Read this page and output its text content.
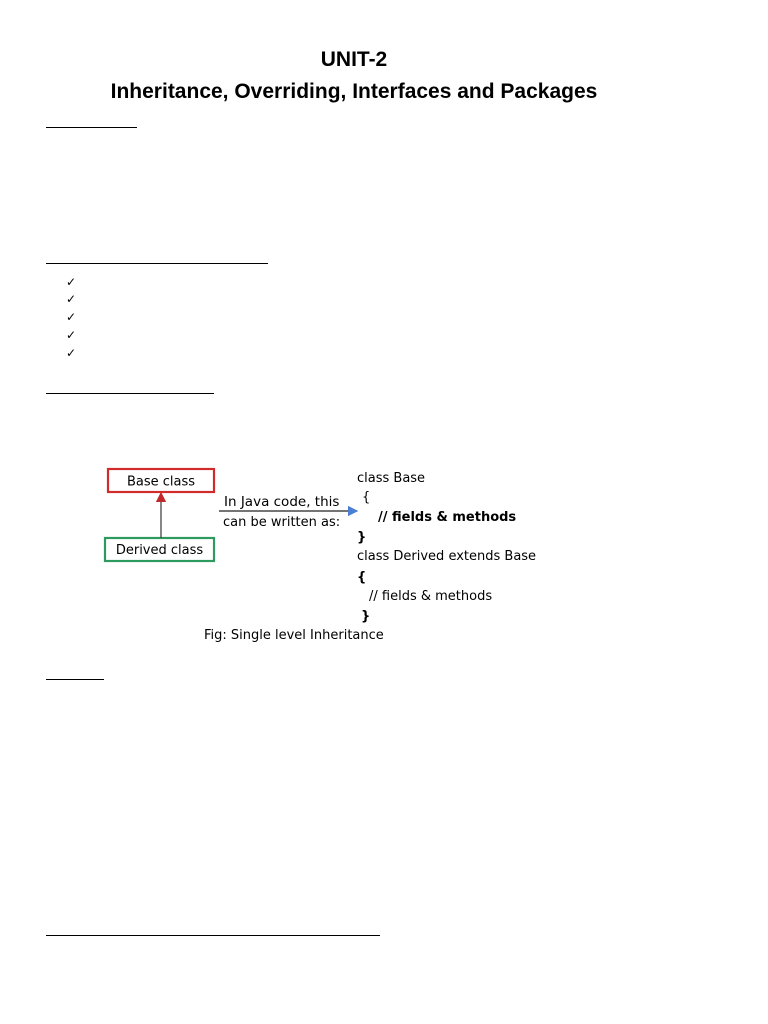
UNIT-2
Inheritance, Overriding, Interfaces and Packages
✓
✓
✓
✓
✓
Base class
Derived class
In Java code, this
can be written as:
class Base
{
// fields & methods
}
class Derived extends Base
{
// fields & methods
}
Fig: Single level Inheritance
